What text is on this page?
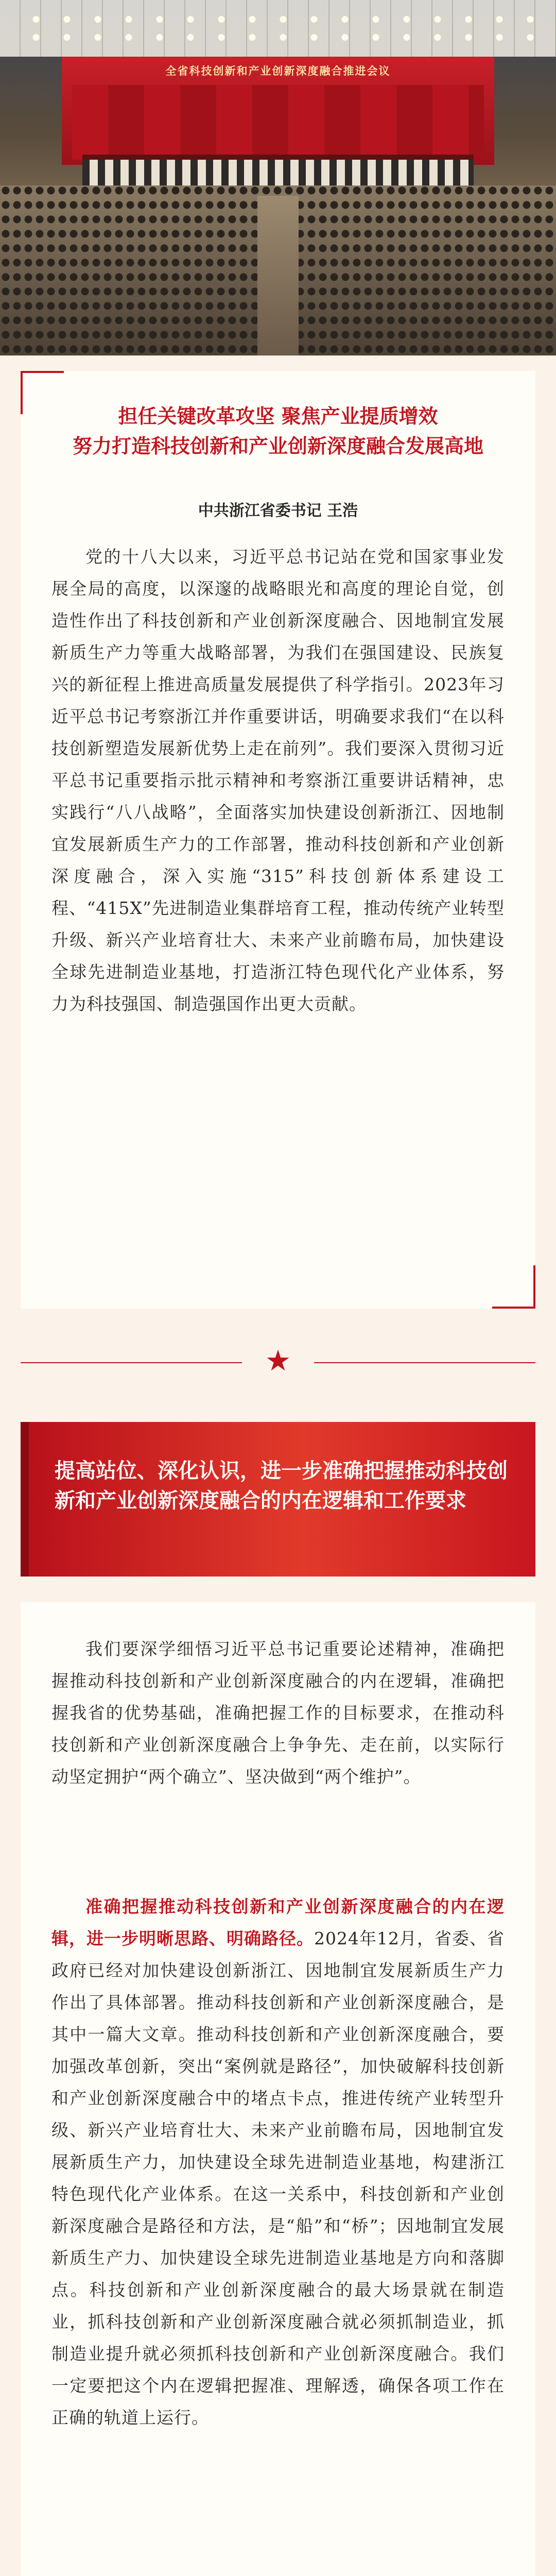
全省科技创新和产业创新深度融合推进会议
担任关键改革攻坚 聚焦产业提质增效
努力打造科技创新和产业创新深度融合发展高地
中共浙江省委书记 王浩

党的十八大以来，习近平总书记站在党和国家事业发展全局的高度，以深邃的战略眼光和高度的理论自觉，创造性作出了科技创新和产业创新深度融合、因地制宜发展新质生产力等重大战略部署，为我们在强国建设、民族复兴的新征程上推进高质量发展提供了科学指引。2023年习近平总书记考察浙江并作重要讲话，明确要求我们“在以科技创新塑造发展新优势上走在前列”。我们要深入贯彻习近平总书记重要指示批示精神和考察浙江重要讲话精神，忠实践行“八八战略”，全面落实加快建设创新浙江、因地制宜发展新质生产力的工作部署，推动科技创新和产业创新深度融合，深入实施“315”科技创新体系建设工程、“415X”先进制造业集群培育工程，推动传统产业转型升级、新兴产业培育壮大、未来产业前瞻布局，加快建设全球先进制造业基地，打造浙江特色现代化产业体系，努力为科技强国、制造强国作出更大贡献。

★

提高站位、深化认识，进一步准确把握推动科技创新和产业创新深度融合的内在逻辑和工作要求

我们要深学细悟习近平总书记重要论述精神，准确把握推动科技创新和产业创新深度融合的内在逻辑，准确把握我省的优势基础，准确把握工作的目标要求，在推动科技创新和产业创新深度融合上争争先、走在前，以实际行动坚定拥护“两个确立”、坚决做到“两个维护”。

准确把握推动科技创新和产业创新深度融合的内在逻辑，进一步明晰思路、明确路径。2024年12月，省委、省政府已经对加快建设创新浙江、因地制宜发展新质生产力作出了具体部署。推动科技创新和产业创新深度融合，是其中一篇大文章。推动科技创新和产业创新深度融合，要加强改革创新，突出“案例就是路径”，加快破解科技创新和产业创新深度融合中的堵点卡点，推进传统产业转型升级、新兴产业培育壮大、未来产业前瞻布局，因地制宜发展新质生产力，加快建设全球先进制造业基地，构建浙江特色现代化产业体系。在这一关系中，科技创新和产业创新深度融合是路径和方法，是“船”和“桥”；因地制宜发展新质生产力、加快建设全球先进制造业基地是方向和落脚点。科技创新和产业创新深度融合的最大场景就在制造业，抓科技创新和产业创新深度融合就必须抓制造业，抓制造业提升就必须抓科技创新和产业创新深度融合。我们一定要把这个内在逻辑把握准、理解透，确保各项工作在正确的轨道上运行。
